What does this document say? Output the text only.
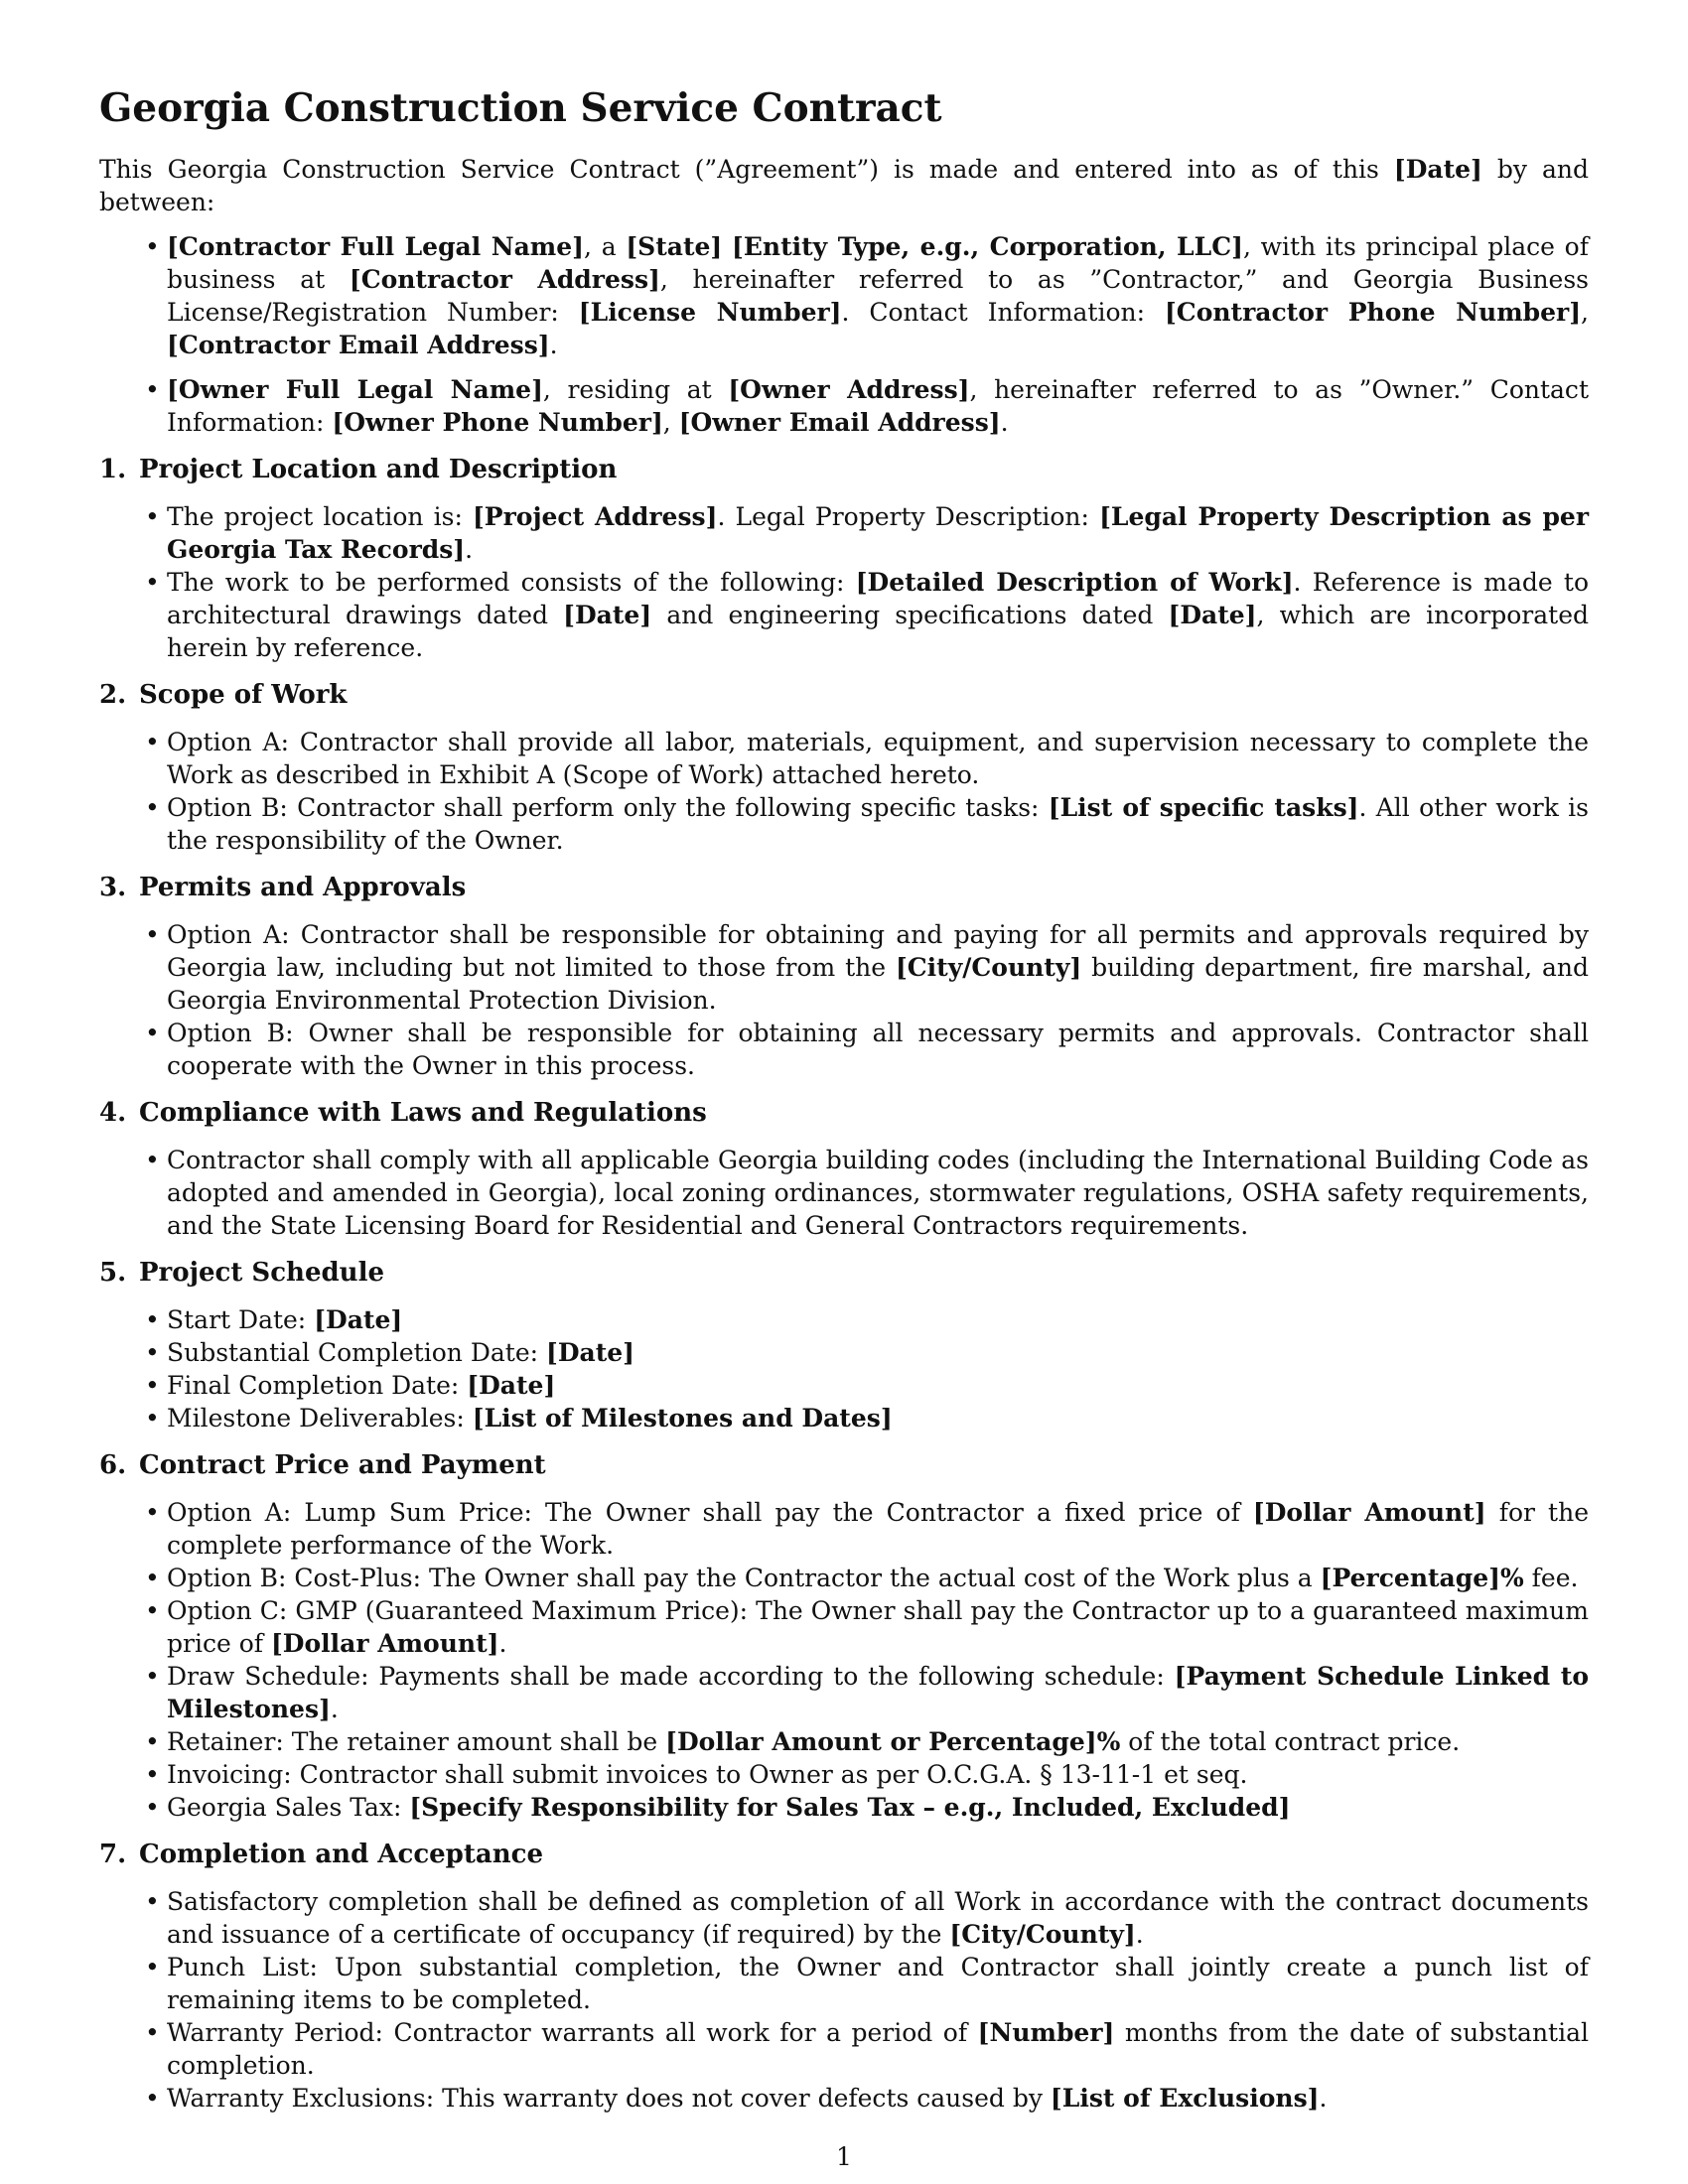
Georgia Construction Service Contract

This Georgia Construction Service Contract (”Agreement”) is made and entered into as of this [Date] by and between:

• [Contractor Full Legal Name], a [State] [Entity Type, e.g., Corporation, LLC], with its principal place of business at [Contractor Address], hereinafter referred to as ”Contractor,” and Georgia Business License/Registration Number: [License Number]. Contact Information: [Contractor Phone Number], [Contractor Email Address].
• [Owner Full Legal Name], residing at [Owner Address], hereinafter referred to as ”Owner.” Contact Information: [Owner Phone Number], [Owner Email Address].
1. Project Location and Description
• The project location is: [Project Address]. Legal Property Description: [Legal Property Description as per Georgia Tax Records].
• The work to be performed consists of the following: [Detailed Description of Work]. Reference is made to architectural drawings dated [Date] and engineering specifications dated [Date], which are incorporated herein by reference.
2. Scope of Work
• Option A: Contractor shall provide all labor, materials, equipment, and supervision necessary to complete the Work as described in Exhibit A (Scope of Work) attached hereto.
• Option B: Contractor shall perform only the following specific tasks: [List of specific tasks]. All other work is the responsibility of the Owner.
3. Permits and Approvals
• Option A: Contractor shall be responsible for obtaining and paying for all permits and approvals required by Georgia law, including but not limited to those from the [City/County] building department, fire marshal, and Georgia Environmental Protection Division.
• Option B: Owner shall be responsible for obtaining all necessary permits and approvals. Contractor shall cooperate with the Owner in this process.
4. Compliance with Laws and Regulations
• Contractor shall comply with all applicable Georgia building codes (including the International Building Code as adopted and amended in Georgia), local zoning ordinances, stormwater regulations, OSHA safety requirements, and the State Licensing Board for Residential and General Contractors requirements.
5. Project Schedule
• Start Date: [Date]
• Substantial Completion Date: [Date]
• Final Completion Date: [Date]
• Milestone Deliverables: [List of Milestones and Dates]
6. Contract Price and Payment
• Option A: Lump Sum Price: The Owner shall pay the Contractor a fixed price of [Dollar Amount] for the complete performance of the Work.
• Option B: Cost-Plus: The Owner shall pay the Contractor the actual cost of the Work plus a [Percentage]% fee.
• Option C: GMP (Guaranteed Maximum Price): The Owner shall pay the Contractor up to a guaranteed maximum price of [Dollar Amount].
• Draw Schedule: Payments shall be made according to the following schedule: [Payment Schedule Linked to Milestones].
• Retainer: The retainer amount shall be [Dollar Amount or Percentage]% of the total contract price.
• Invoicing: Contractor shall submit invoices to Owner as per O.C.G.A. § 13-11-1 et seq.
• Georgia Sales Tax: [Specify Responsibility for Sales Tax – e.g., Included, Excluded]
7. Completion and Acceptance
• Satisfactory completion shall be defined as completion of all Work in accordance with the contract documents and issuance of a certificate of occupancy (if required) by the [City/County].
• Punch List: Upon substantial completion, the Owner and Contractor shall jointly create a punch list of remaining items to be completed.
• Warranty Period: Contractor warrants all work for a period of [Number] months from the date of substantial completion.
• Warranty Exclusions: This warranty does not cover defects caused by [List of Exclusions].
1
